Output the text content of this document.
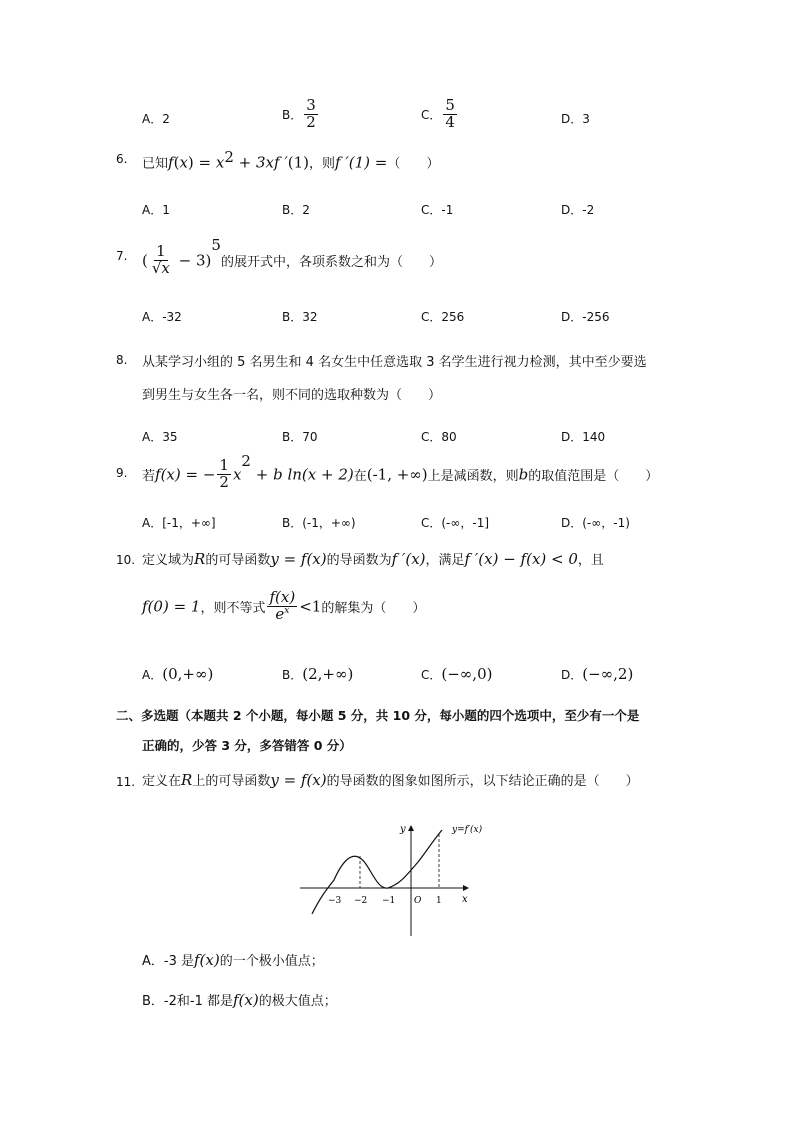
A．2	B． $\frac{3}{2}$	C． $\frac{5}{4}$	D．3
6. 已知$f(x) = x^2 + 3xf$ ′(1)，则f ′(1) =（　　）
A．1	B．2	C．-1	D．-2
7. ( $\frac{1}{√x} - 3)^5$的展开式中，各项系数之和为（　　）
A．-32	B．32	C．256	D．-256
8. 从某学习小组的 5 名男生和 4 名女生中任意选取 3 名学生进行视力检测，其中至少要选
到男生与女生各一名，则不同的选取种数为（　　）
A．35	B．70	C．80	D．140
9. 若f(x) = − $\frac{1}{2} x^2 + b$ ln(x + 2)在(-1, +∞)上是减函数，则b的取值范围是（　　）
A．[-1，+∞]	B．(-1，+∞)	C．(-∞，-1]	D．(-∞，-1)
10. 定义域为R的可导函数y = f(x)的导函数为f ′(x)，满足f ′(x) − f(x) < 0，且
f(0) = 1，则不等式 $\frac{f(x)}{e^x} <1$的解集为（　　）
A．(0,+∞)	B．(2,+∞)	C．(−∞,0)	D．(−∞,2)
二、多选题（本题共 2 个小题，每小题 5 分，共 10 分，每小题的四个选项中，至少有一个是
正确的，少答 3 分，多答错答 0 分）
11. 定义在R上的可导函数y = f(x)的导函数的图象如图所示，以下结论正确的是（　　）
y
x
y=f′(x)
−3 −2 −1 O 1
A．-3 是f(x)的一个极小值点；
B．-2和-1 都是f(x)的极大值点；
